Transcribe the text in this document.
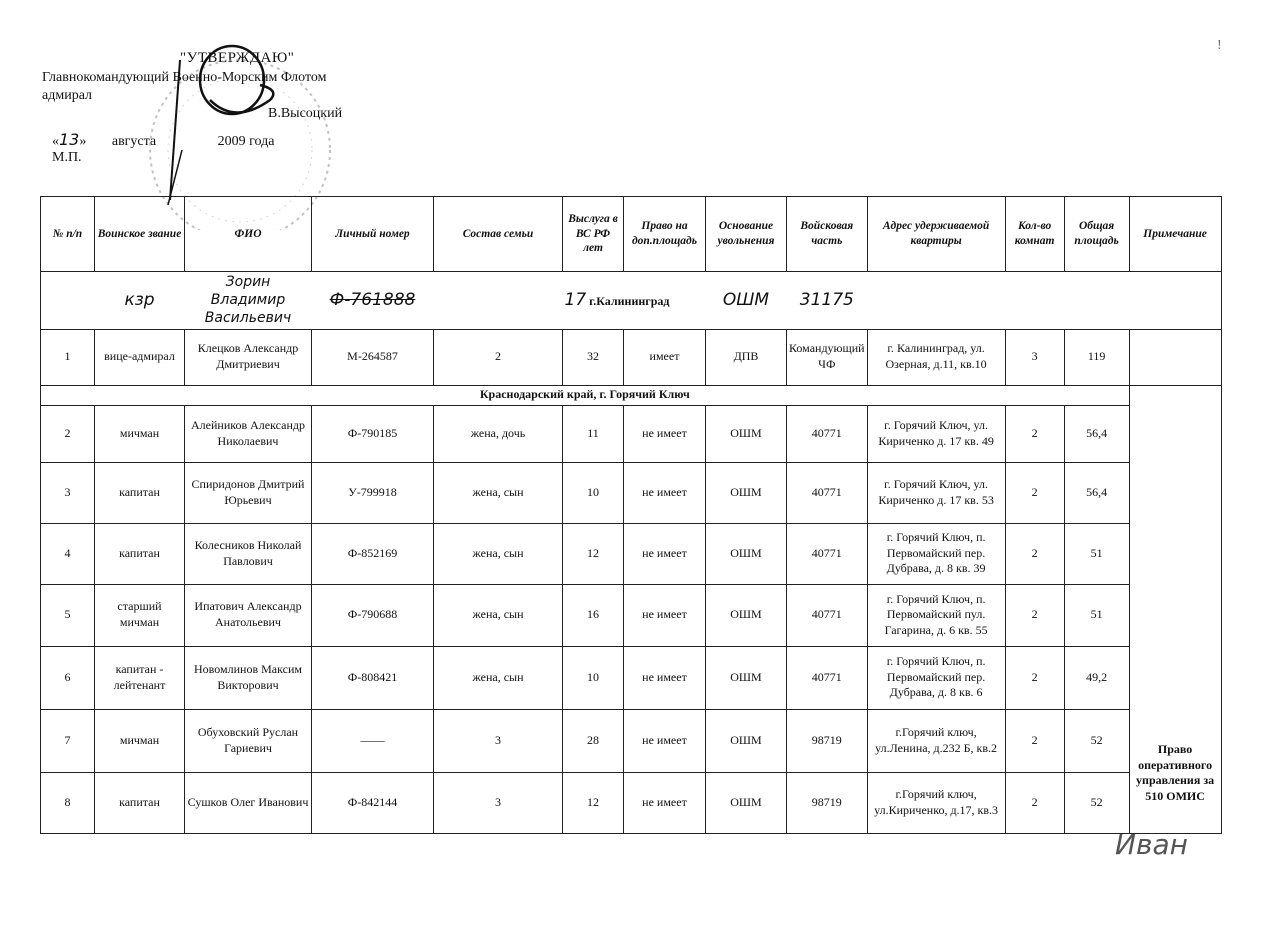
"УТВЕРЖДАЮ"
Главнокомандующий Военно-Морским Флотом
адмирал
В.Высоцкий
«13» августа	2009 года
М.П.
!
№ п/п	Воинское звание	ФИО	Личный номер	Состав семьи	Выслуга в ВС РФ лет	Право на доп.площадь	Основание увольнения	Войсковая часть	Адрес удерживаемой квартиры	Кол-во комнат	Общая площадь	Примечание
	кзр	Зорин Владимир Васильевич	Ф-761888		17 г.Калининград		ОШМ	31175				
1	вице-адмирал	Клецков Александр Дмитриевич	М-264587	2	32	имеет	ДПВ	Командующий ЧФ	г. Калининград, ул. Озерная, д.11, кв.10	3	119	
Краснодарский край, г. Горячий Ключ												Право оперативного управления за 510 ОМИС
2	мичман	Алейников Александр Николаевич	Ф-790185	жена, дочь	11	не имеет	ОШМ	40771	г. Горячий Ключ, ул. Кириченко д. 17 кв. 49	2	56,4	
3	капитан	Спиридонов Дмитрий Юрьевич	У-799918	жена, сын	10	не имеет	ОШМ	40771	г. Горячий Ключ, ул. Кириченко д. 17 кв. 53	2	56,4	
4	капитан	Колесников Николай Павлович	Ф-852169	жена, сын	12	не имеет	ОШМ	40771	г. Горячий Ключ, п. Первомайский пер. Дубрава, д. 8 кв. 39	2	51	
5	старший мичман	Ипатович Александр Анатольевич	Ф-790688	жена, сын	16	не имеет	ОШМ	40771	г. Горячий Ключ, п. Первомайский пул. Гагарина, д. 6 кв. 55	2	51	
6	капитан - лейтенант	Новомлинов Максим Викторович	Ф-808421	жена, сын	10	не имеет	ОШМ	40771	г. Горячий Ключ, п. Первомайский пер. Дубрава, д. 8 кв. 6	2	49,2	
7	мичман	Обуховский Руслан Гариевич	——	3	28	не имеет	ОШМ	98719	г.Горячий ключ, ул.Ленина, д.232 Б, кв.2	2	52	
8	капитан	Сушков Олег Иванович	Ф-842144	3	12	не имеет	ОШМ	98719	г.Горячий ключ, ул.Кириченко, д.17, кв.3	2	52	
Иван
